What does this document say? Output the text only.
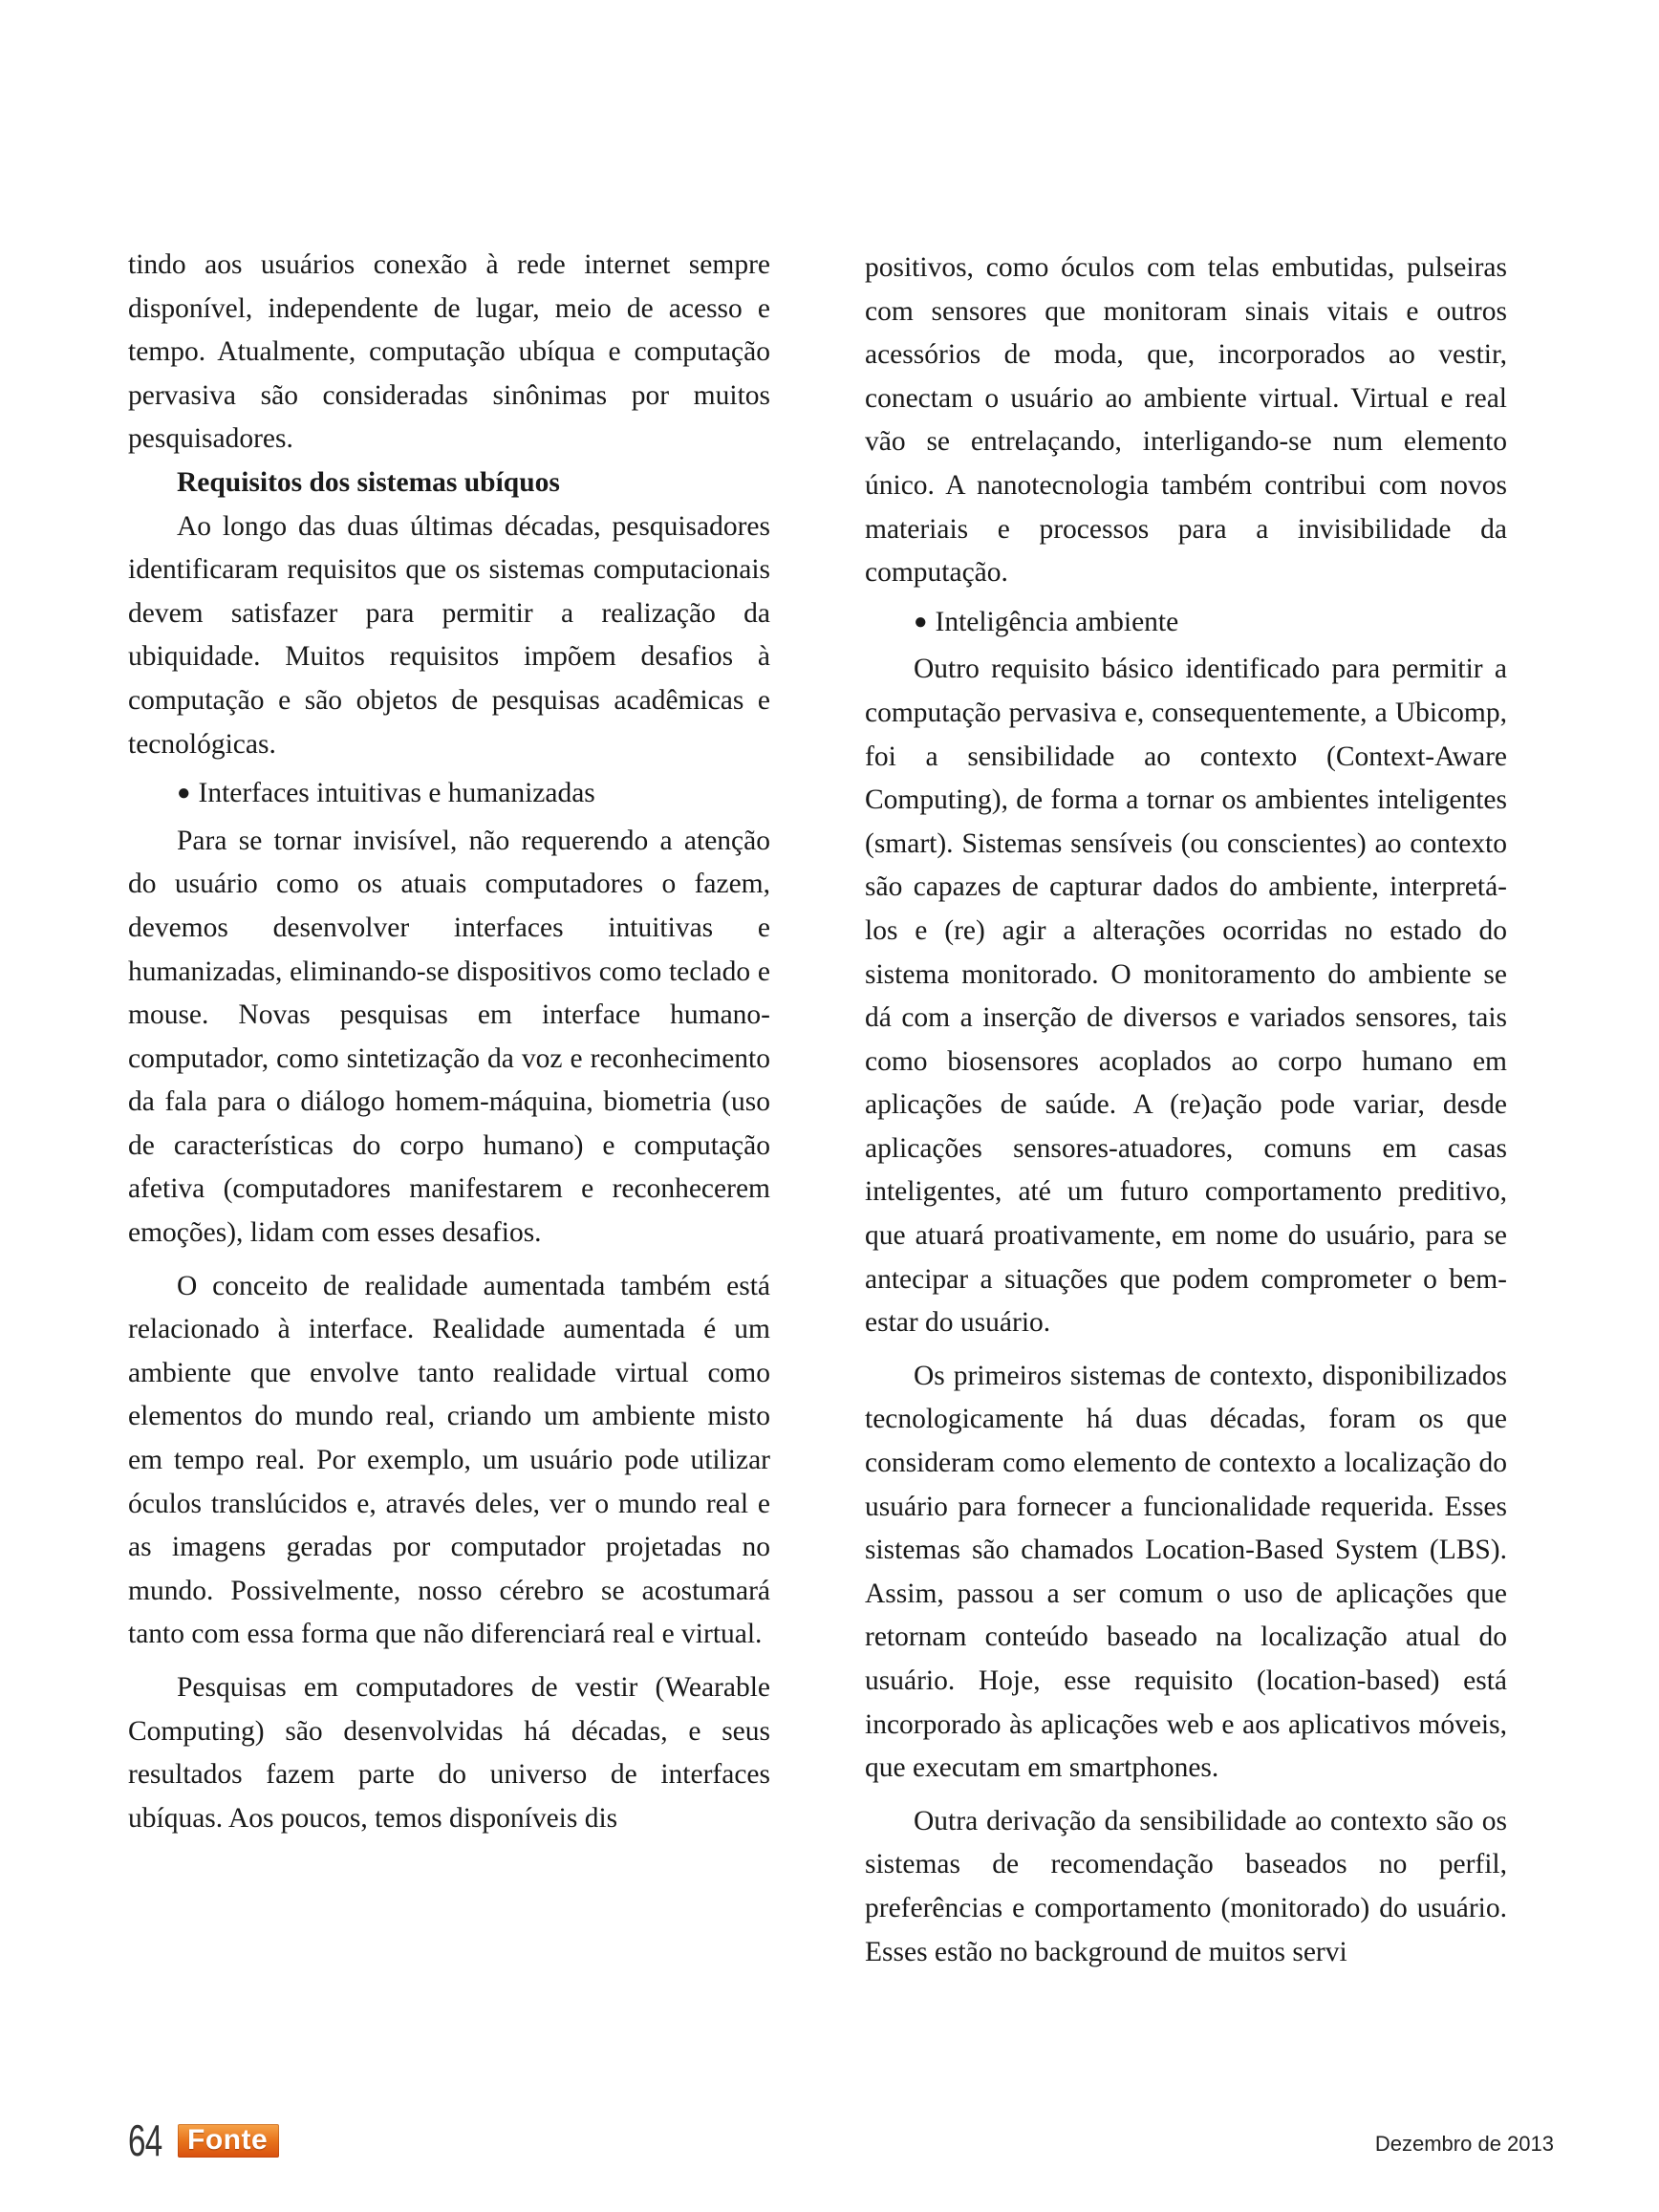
tindo aos usuários conexão à rede internet sempre disponível, independente de lugar, meio de acesso e tempo. Atualmente, computação ubíqua e computação pervasiva são consideradas sinônimas por muitos pesquisadores.

Requisitos dos sistemas ubíquos

Ao longo das duas últimas décadas, pesquisadores identificaram requisitos que os sistemas computacionais devem satisfazer para permitir a realização da ubiquidade. Muitos requisitos impõem desafios à computação e são objetos de pesquisas acadêmicas e tecnológicas.

● Interfaces intuitivas e humanizadas

Para se tornar invisível, não requerendo a atenção do usuário como os atuais computadores o fazem, devemos desenvolver interfaces intuitivas e humanizadas, eliminando-se dispositivos como teclado e mouse. Novas pesquisas em interface humano-computador, como sintetização da voz e reconhecimento da fala para o diálogo homem-máquina, biometria (uso de características do corpo humano) e computação afetiva (computadores manifestarem e reconhecerem emoções), lidam com esses desafios.

O conceito de realidade aumentada também está relacionado à interface. Realidade aumentada é um ambiente que envolve tanto realidade virtual como elementos do mundo real, criando um ambiente misto em tempo real. Por exemplo, um usuário pode utilizar óculos translúcidos e, através deles, ver o mundo real e as imagens geradas por computador projetadas no mundo. Possivelmente, nosso cérebro se acostumará tanto com essa forma que não diferenciará real e virtual.

Pesquisas em computadores de vestir (Wearable Computing) são desenvolvidas há décadas, e seus resultados fazem parte do universo de interfaces ubíquas. Aos poucos, temos disponíveis dis

positivos, como óculos com telas embutidas, pulseiras com sensores que monitoram sinais vitais e outros acessórios de moda, que, incorporados ao vestir, conectam o usuário ao ambiente virtual. Virtual e real vão se entrelaçando, interligando-se num elemento único. A nanotecnologia também contribui com novos materiais e processos para a invisibilidade da computação.

● Inteligência ambiente

Outro requisito básico identificado para permitir a computação pervasiva e, consequentemente, a Ubicomp, foi a sensibilidade ao contexto (Context-Aware Computing), de forma a tornar os ambientes inteligentes (smart). Sistemas sensíveis (ou conscientes) ao contexto são capazes de capturar dados do ambiente, interpretá-los e (re) agir a alterações ocorridas no estado do sistema monitorado. O monitoramento do ambiente se dá com a inserção de diversos e variados sensores, tais como biosensores acoplados ao corpo humano em aplicações de saúde. A (re)ação pode variar, desde aplicações sensores-atuadores, comuns em casas inteligentes, até um futuro comportamento preditivo, que atuará proativamente, em nome do usuário, para se antecipar a situações que podem comprometer o bem-estar do usuário.

Os primeiros sistemas de contexto, disponibilizados tecnologicamente há duas décadas, foram os que consideram como elemento de contexto a localização do usuário para fornecer a funcionalidade requerida. Esses sistemas são chamados Location-Based System (LBS). Assim, passou a ser comum o uso de aplicações que retornam conteúdo baseado na localização atual do usuário. Hoje, esse requisito (location-based) está incorporado às aplicações web e aos aplicativos móveis, que executam em smartphones.

Outra derivação da sensibilidade ao contexto são os sistemas de recomendação baseados no perfil, preferências e comportamento (monitorado) do usuário. Esses estão no background de muitos servi

64 Fonte	Dezembro de 2013
